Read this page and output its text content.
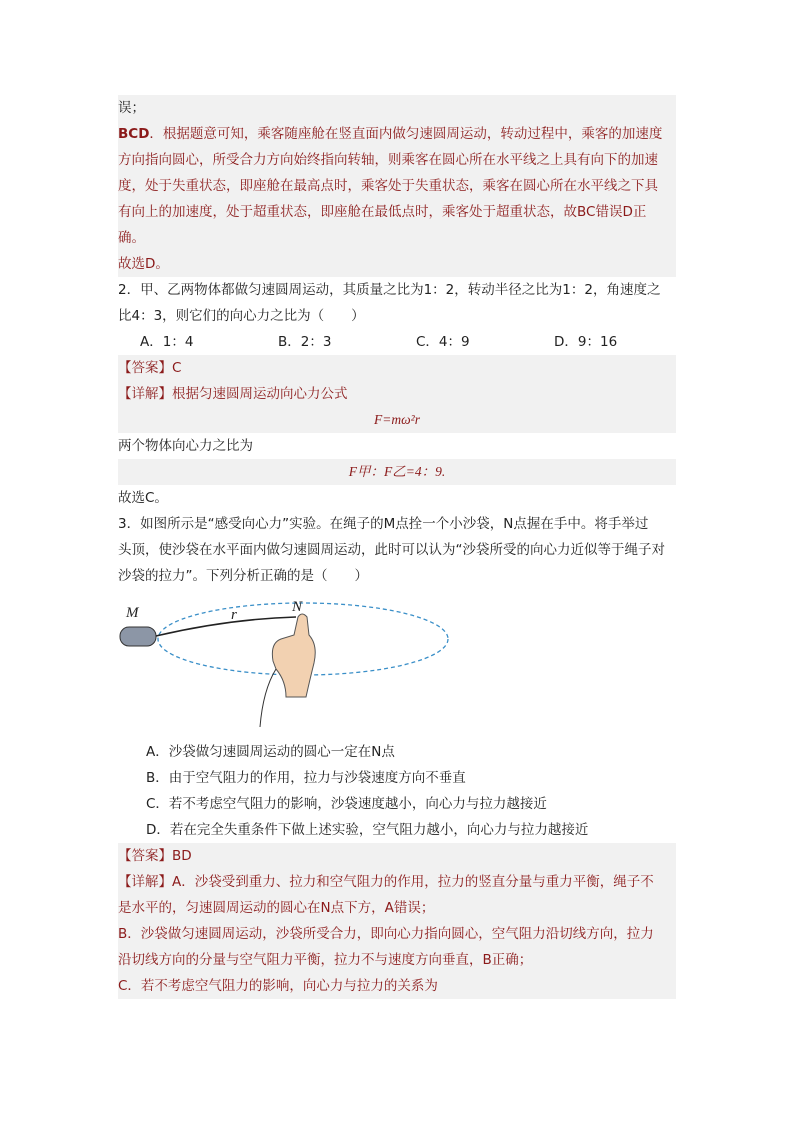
误；
BCD．根据题意可知，乘客随座舱在竖直面内做匀速圆周运动，转动过程中，乘客的加速度
方向指向圆心，所受合力方向始终指向转轴，则乘客在圆心所在水平线之上具有向下的加速
度，处于失重状态，即座舱在最高点时，乘客处于失重状态，乘客在圆心所在水平线之下具
有向上的加速度，处于超重状态，即座舱在最低点时，乘客处于超重状态，故BC错误D正
确。
故选D。
2．甲、乙两物体都做匀速圆周运动，其质量之比为1：2，转动半径之比为1：2，角速度之
比4：3，则它们的向心力之比为（　　）
A．1：4	B．2：3	C．4：9	D．9：16
【答案】C
【详解】根据匀速圆周运动向心力公式
F=mω²r
两个物体向心力之比为
F甲：F乙=4：9.
故选C。
3．如图所示是“感受向心力”实验。在绳子的M点拴一个小沙袋，N点握在手中。将手举过
头顶，使沙袋在水平面内做匀速圆周运动，此时可以认为“沙袋所受的向心力近似等于绳子对
沙袋的拉力”。下列分析正确的是（　　）
M	r	N
A．沙袋做匀速圆周运动的圆心一定在N点
B．由于空气阻力的作用，拉力与沙袋速度方向不垂直
C．若不考虑空气阻力的影响，沙袋速度越小，向心力与拉力越接近
D．若在完全失重条件下做上述实验，空气阻力越小，向心力与拉力越接近
【答案】BD
【详解】A．沙袋受到重力、拉力和空气阻力的作用，拉力的竖直分量与重力平衡，绳子不
是水平的，匀速圆周运动的圆心在N点下方，A错误；
B．沙袋做匀速圆周运动，沙袋所受合力，即向心力指向圆心，空气阻力沿切线方向，拉力
沿切线方向的分量与空气阻力平衡，拉力不与速度方向垂直，B正确；
C．若不考虑空气阻力的影响，向心力与拉力的关系为
